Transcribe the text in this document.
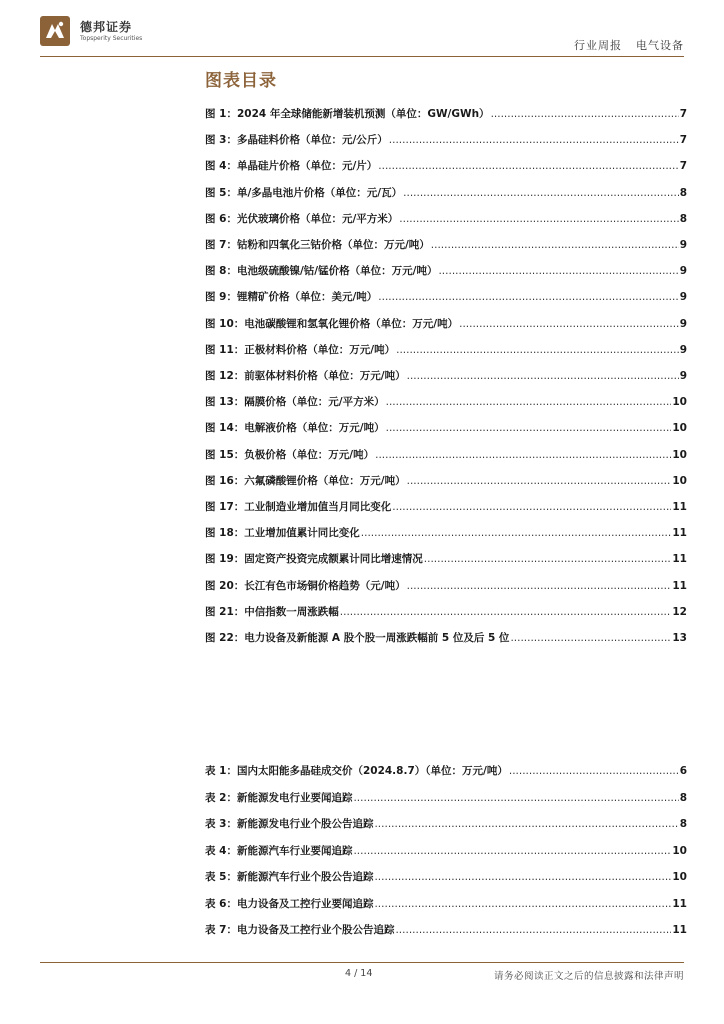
德邦证券
Topsperity Securities
行业周报 电气设备
图表目录
图 1：2024 年全球储能新增装机预测（单位：GW/GWh） .....	7
图 3：多晶硅料价格（单位：元/公斤） .....	7
图 4：单晶硅片价格（单位：元/片） .....	7
图 5：单/多晶电池片价格（单位：元/瓦） .....	8
图 6：光伏玻璃价格（单位：元/平方米） .....	8
图 7：钴粉和四氧化三钴价格（单位：万元/吨） .....	9
图 8：电池级硫酸镍/钴/锰价格（单位：万元/吨） .....	9
图 9：锂精矿价格（单位：美元/吨） .....	9
图 10：电池碳酸锂和氢氧化锂价格（单位：万元/吨） .....	9
图 11：正极材料价格（单位：万元/吨） .....	9
图 12：前驱体材料价格（单位：万元/吨） .....	9
图 13：隔膜价格（单位：元/平方米） .....	10
图 14：电解液价格（单位：万元/吨） .....	10
图 15：负极价格（单位：万元/吨） .....	10
图 16：六氟磷酸锂价格（单位：万元/吨） .....	10
图 17：工业制造业增加值当月同比变化 .....	11
图 18：工业增加值累计同比变化 .....	11
图 19：固定资产投资完成额累计同比增速情况 .....	11
图 20：长江有色市场铜价格趋势（元/吨） .....	11
图 21：中信指数一周涨跌幅 .....	12
图 22：电力设备及新能源 A 股个股一周涨跌幅前 5 位及后 5 位 .....	13
表 1：国内太阳能多晶硅成交价（2024.8.7）（单位：万元/吨） .....	6
表 2：新能源发电行业要闻追踪 .....	8
表 3：新能源发电行业个股公告追踪 .....	8
表 4：新能源汽车行业要闻追踪 .....	10
表 5：新能源汽车行业个股公告追踪 .....	10
表 6：电力设备及工控行业要闻追踪 .....	11
表 7：电力设备及工控行业个股公告追踪 .....	11
4 / 14	请务必阅读正文之后的信息披露和法律声明
